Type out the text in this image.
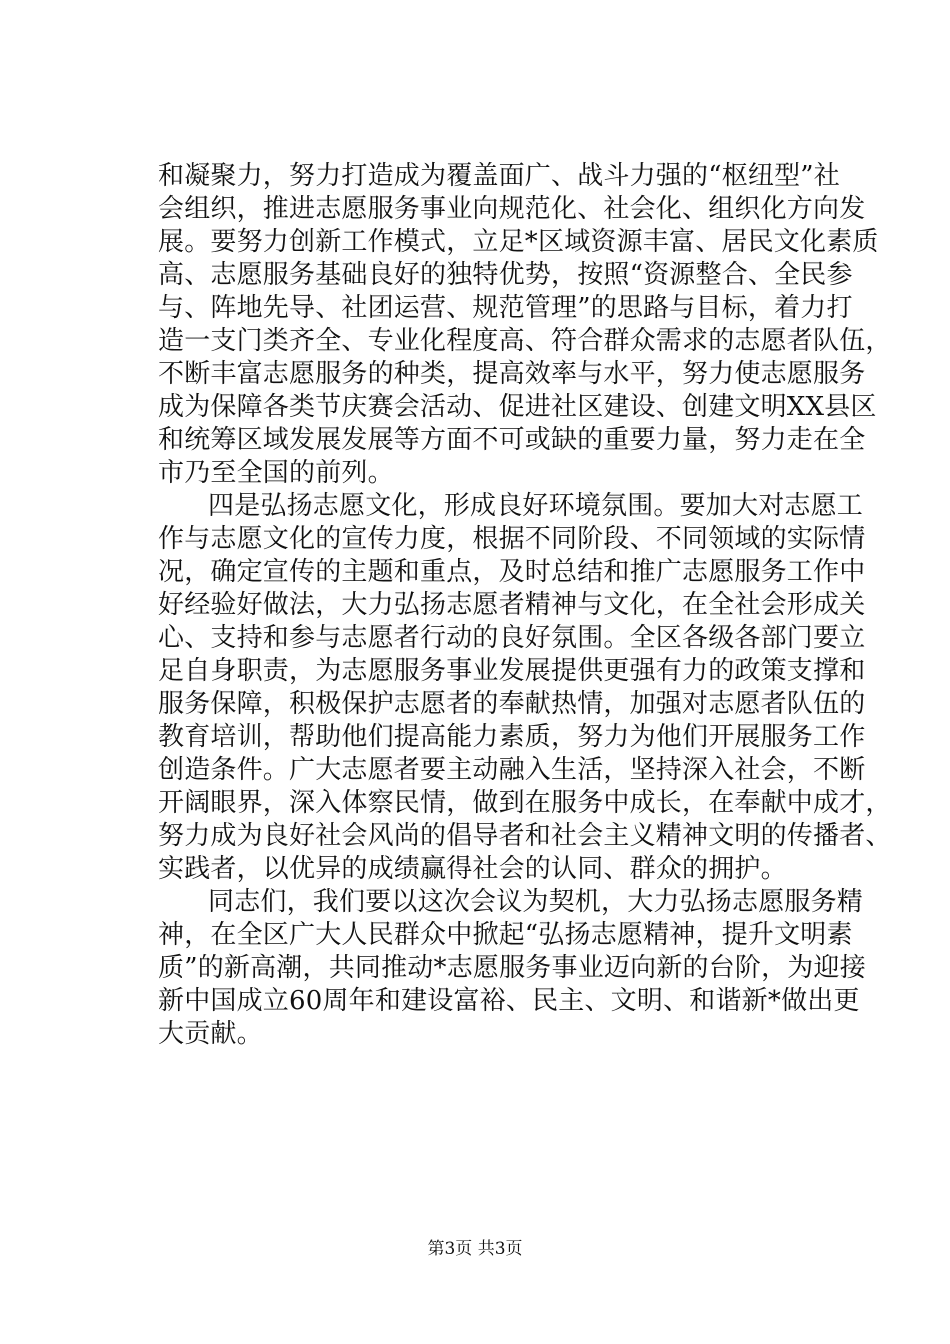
和凝聚力，努力打造成为覆盖面广、战斗力强的“枢纽型”社
会组织，推进志愿服务事业向规范化、社会化、组织化方向发
展。要努力创新工作模式，立足*区域资源丰富、居民文化素质
高、志愿服务基础良好的独特优势，按照“资源整合、全民参
与、阵地先导、社团运营、规范管理”的思路与目标，着力打
造一支门类齐全、专业化程度高、符合群众需求的志愿者队伍，
不断丰富志愿服务的种类，提高效率与水平，努力使志愿服务
成为保障各类节庆赛会活动、促进社区建设、创建文明XX县区
和统筹区域发展发展等方面不可或缺的重要力量，努力走在全
市乃至全国的前列。
四是弘扬志愿文化，形成良好环境氛围。要加大对志愿工
作与志愿文化的宣传力度，根据不同阶段、不同领域的实际情
况，确定宣传的主题和重点，及时总结和推广志愿服务工作中
好经验好做法，大力弘扬志愿者精神与文化，在全社会形成关
心、支持和参与志愿者行动的良好氛围。全区各级各部门要立
足自身职责，为志愿服务事业发展提供更强有力的政策支撑和
服务保障，积极保护志愿者的奉献热情，加强对志愿者队伍的
教育培训，帮助他们提高能力素质，努力为他们开展服务工作
创造条件。广大志愿者要主动融入生活，坚持深入社会，不断
开阔眼界，深入体察民情，做到在服务中成长，在奉献中成才，
努力成为良好社会风尚的倡导者和社会主义精神文明的传播者、
实践者，以优异的成绩赢得社会的认同、群众的拥护。
同志们，我们要以这次会议为契机，大力弘扬志愿服务精
神，在全区广大人民群众中掀起“弘扬志愿精神，提升文明素
质”的新高潮，共同推动*志愿服务事业迈向新的台阶，为迎接
新中国成立60周年和建设富裕、民主、文明、和谐新*做出更
大贡献。
第3页 共3页
